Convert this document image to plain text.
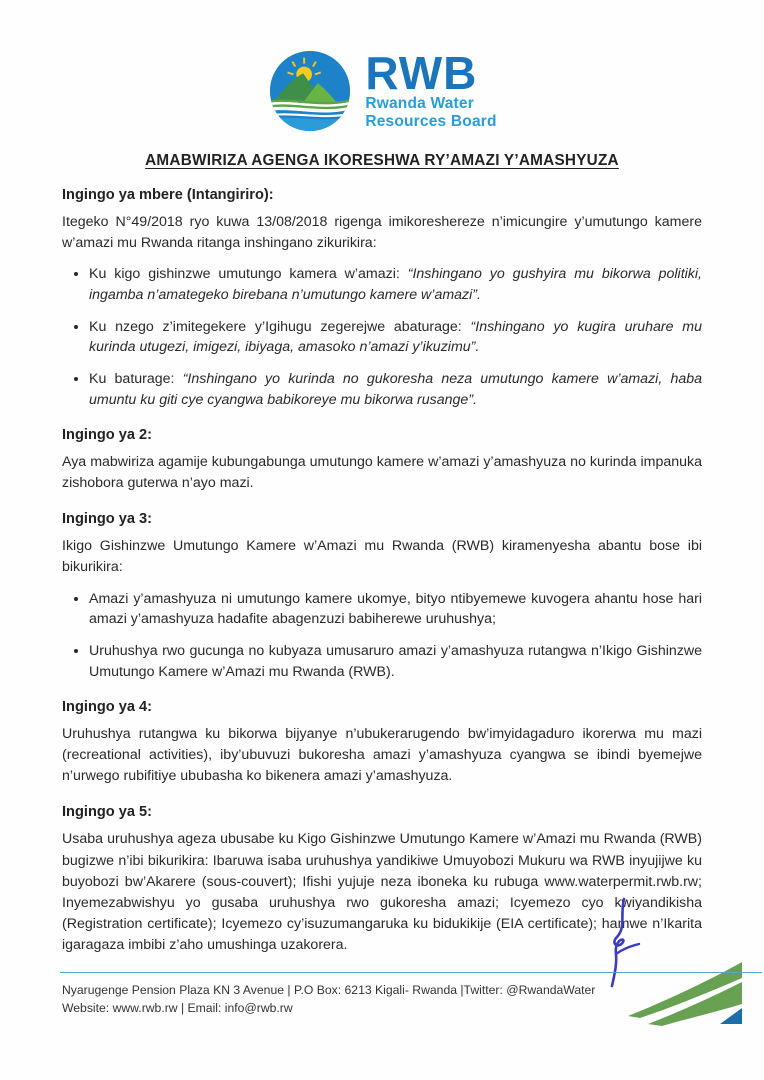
RWB
Rwanda Water
Resources Board
AMABWIRIZA AGENGA IKORESHWA RY’AMAZI Y’AMASHYUZA
Ingingo ya mbere (Intangiriro):

Itegeko N°49/2018 ryo kuwa 13/08/2018 rigenga imikoreshereze n’imicungire y’umutungo kamere w’amazi mu Rwanda ritanga inshingano zikurikira:

• Ku kigo gishinzwe umutungo kamera w’amazi: “Inshingano yo gushyira mu bikorwa politiki, ingamba n’amategeko birebana n’umutungo kamere w’amazi”.
• Ku nzego z’imitegekere y’Igihugu zegerejwe abaturage: “Inshingano yo kugira uruhare mu kurinda utugezi, imigezi, ibiyaga, amasoko n’amazi y’ikuzimu”.
• Ku baturage: “Inshingano yo kurinda no gukoresha neza umutungo kamere w’amazi, haba umuntu ku giti cye cyangwa babikoreye mu bikorwa rusange”.
Ingingo ya 2:

Aya mabwiriza agamije kubungabunga umutungo kamere w’amazi y’amashyuza no kurinda impanuka zishobora guterwa n’ayo mazi.

Ingingo ya 3:

Ikigo Gishinzwe Umutungo Kamere w’Amazi mu Rwanda (RWB) kiramenyesha abantu bose ibi bikurikira:

• Amazi y’amashyuza ni umutungo kamere ukomye, bityo ntibyemewe kuvogera ahantu hose hari amazi y’amashyuza hadafite abagenzuzi babiherewe uruhushya;
• Uruhushya rwo gucunga no kubyaza umusaruro amazi y’amashyuza rutangwa n’Ikigo Gishinzwe Umutungo Kamere w’Amazi mu Rwanda (RWB).
Ingingo ya 4:

Uruhushya rutangwa ku bikorwa bijyanye n’ubukerarugendo bw’imyidagaduro ikorerwa mu mazi (recreational activities), iby’ubuvuzi bukoresha amazi y’amashyuza cyangwa se ibindi byemejwe n’urwego rubifitiye ububasha ko bikenera amazi y’amashyuza.

Ingingo ya 5:

Usaba uruhushya ageza ubusabe ku Kigo Gishinzwe Umutungo Kamere w’Amazi mu Rwanda (RWB) bugizwe n’ibi bikurikira: Ibaruwa isaba uruhushya yandikiwe Umuyobozi Mukuru wa RWB inyujijwe ku buyobozi bw’Akarere (sous-couvert); Ifishi yujuje neza iboneka ku rubuga www.waterpermit.rwb.rw; Inyemezabwishyu yo gusaba uruhushya rwo gukoresha amazi; Icyemezo cyo kwiyandikisha (Registration certificate); Icyemezo cy’isuzumangaruka ku bidukikije (EIA certificate); hamwe n’Ikarita igaragaza imbibi z’aho umushinga uzakorera.

Nyarugenge Pension Plaza KN 3 Avenue | P.O Box: 6213 Kigali- Rwanda |Twitter: @RwandaWater
Website: www.rwb.rw | Email: info@rwb.rw
